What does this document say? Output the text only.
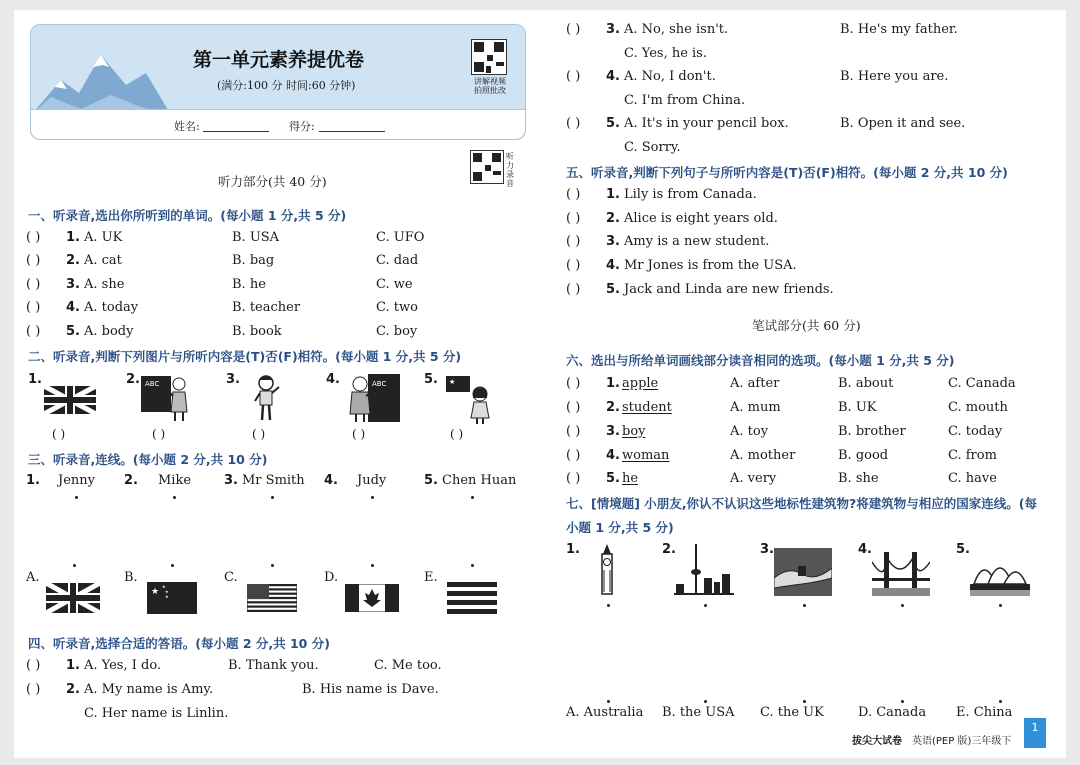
第一单元素养提优卷
(满分:100 分 时间:60 分钟)	讲解视频 拍照批改
姓名:	得分:
听力录音
听力部分(共 40 分)
一、听录音,选出你所听到的单词。(每小题 1 分,共 5 分)
( ) 1. A. UK	B. USA	C. UFO
( ) 2. A. cat	B. bag	C. dad
( ) 3. A. she	B. he	C. we
( ) 4. A. today	B. teacher	C. two
( ) 5. A. body	B. book	C. boy
二、听录音,判断下列图片与所听内容是(T)否(F)相符。(每小题 1 分,共 5 分)
1.	2.	3.	4.	5.
ABC	ABC	★
( )	( )	( )	( )	( )
三、听录音,连线。(每小题 2 分,共 10 分)
1. Jenny 2. Mike	3. Mr Smith 4. Judy	5. Chen Huan
A.	B.	C.	D.	E.
★
★
★
★
四、听录音,选择合适的答语。(每小题 2 分,共 10 分)
( ) 1. A. Yes, I do.	B. Thank you.	C. Me too.
( ) 2. A. My name is Amy.	B. His name is Dave.
C. Her name is Linlin.
( ) 3. A. No, she isn't.	B. He's my father.
C. Yes, he is.
( ) 4. A. No, I don't.	B. Here you are.
C. I'm from China.
( ) 5. A. It's in your pencil box.	B. Open it and see.
C. Sorry.
五、听录音,判断下列句子与所听内容是(T)否(F)相符。(每小题 2 分,共 10 分)
( ) 1. Lily is from Canada.
( ) 2. Alice is eight years old.
( ) 3. Amy is a new student.
( ) 4. Mr Jones is from the USA.
( ) 5. Jack and Linda are new friends.
笔试部分(共 60 分)
六、选出与所给单词画线部分读音相同的选项。(每小题 1 分,共 5 分)
( ) 1. apple	A. after	B. about	C. Canada
( ) 2. student	A. mum	B. UK	C. mouth
( ) 3. boy	A. toy	B. brother	C. today
( ) 4. woman	A. mother	B. good	C. from
( ) 5. he	A. very	B. she	C. have
七、[情境题] 小朋友,你认不认识这些地标性建筑物?将建筑物与相应的国家连线。(每
小题 1 分,共 5 分)
1.	2.	3.	4.	5.
A. Australia B. the USA C. the UK	D. Canada E. China
拔尖大试卷 英语(PEP 版)三年级下
1
